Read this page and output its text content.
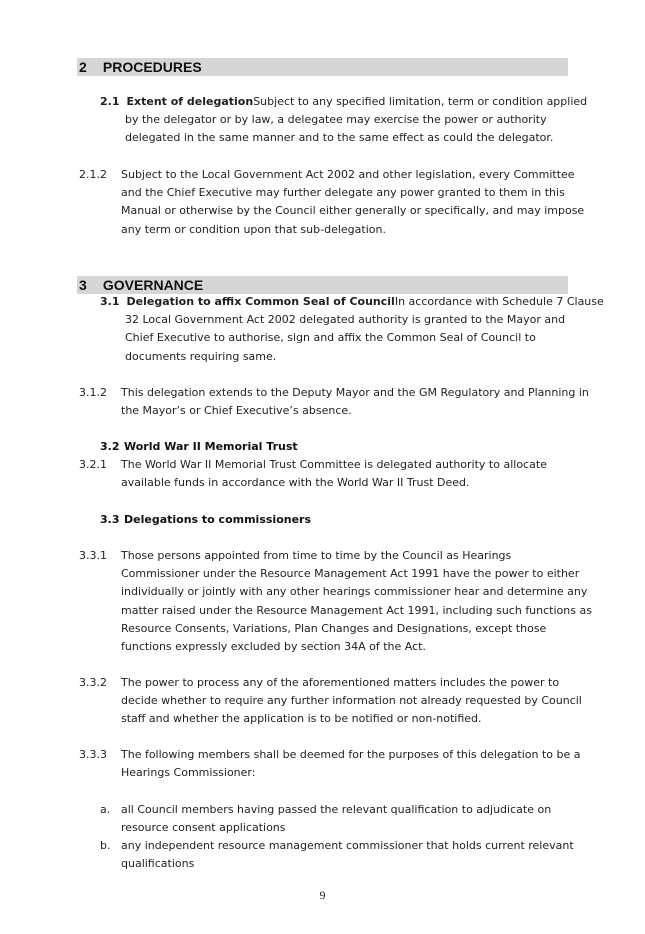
2 PROCEDURES
2.1 Extent of delegationSubject to any specified limitation, term or condition applied
by the delegator or by law, a delegatee may exercise the power or authority
delegated in the same manner and to the same effect as could the delegator.
2.1.2 Subject to the Local Government Act 2002 and other legislation, every Committee
and the Chief Executive may further delegate any power granted to them in this
Manual or otherwise by the Council either generally or specifically, and may impose
any term or condition upon that sub-delegation.
3 GOVERNANCE
3.1 Delegation to affix Common Seal of CouncilIn accordance with Schedule 7 Clause
32 Local Government Act 2002 delegated authority is granted to the Mayor and
Chief Executive to authorise, sign and affix the Common Seal of Council to
documents requiring same.
3.1.2 This delegation extends to the Deputy Mayor and the GM Regulatory and Planning in
the Mayor’s or Chief Executive’s absence.
3.2 World War II Memorial Trust
3.2.1 The World War II Memorial Trust Committee is delegated authority to allocate
available funds in accordance with the World War II Trust Deed.
3.3 Delegations to commissioners
3.3.1 Those persons appointed from time to time by the Council as Hearings
Commissioner under the Resource Management Act 1991 have the power to either
individually or jointly with any other hearings commissioner hear and determine any
matter raised under the Resource Management Act 1991, including such functions as
Resource Consents, Variations, Plan Changes and Designations, except those
functions expressly excluded by section 34A of the Act.
3.3.2 The power to process any of the aforementioned matters includes the power to
decide whether to require any further information not already requested by Council
staff and whether the application is to be notified or non-notified.
3.3.3 The following members shall be deemed for the purposes of this delegation to be a
Hearings Commissioner:
a. all Council members having passed the relevant qualification to adjudicate on
resource consent applications
b. any independent resource management commissioner that holds current relevant
qualifications
9
